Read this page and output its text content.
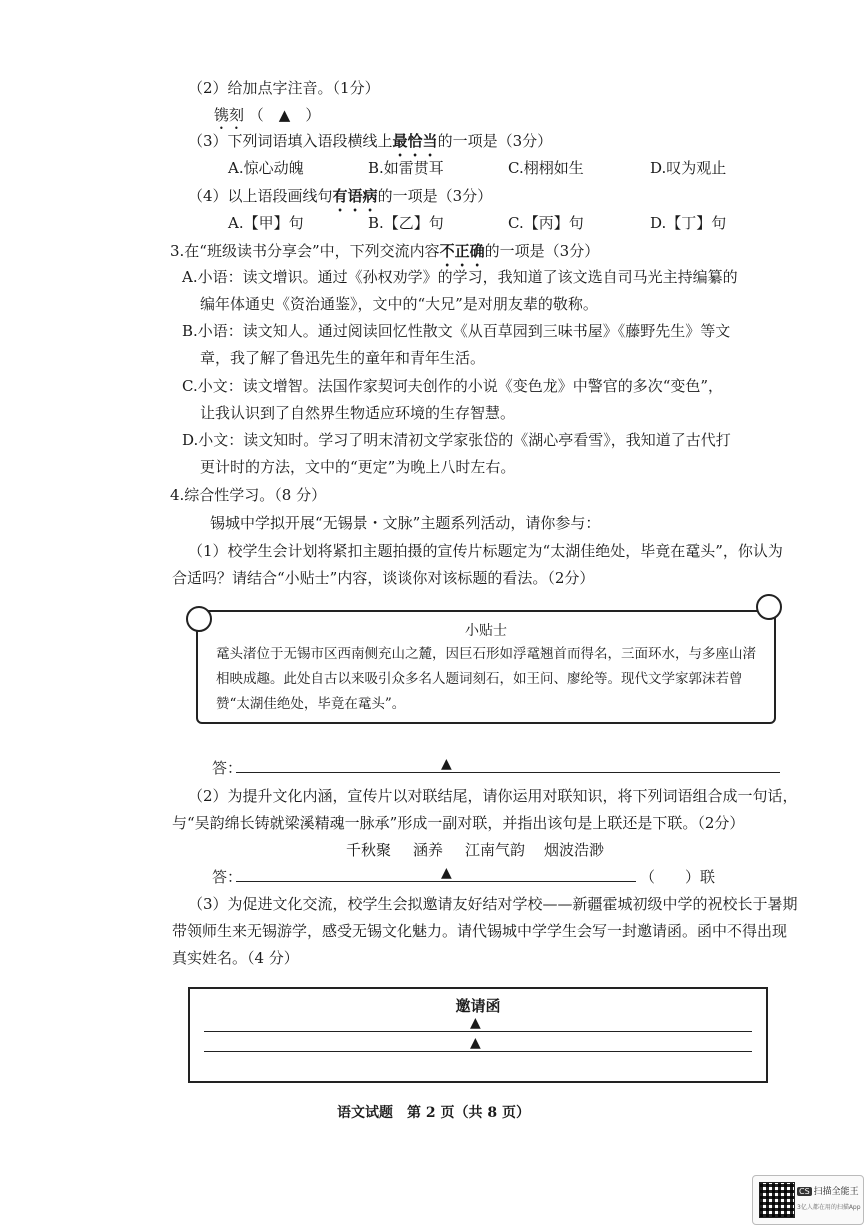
（2）给加点字注音。（1分）
镌刻 （　▲　）
（3）下列词语填入语段横线上最恰当的一项是（3分）
A.惊心动魄	B.如雷贯耳	C.栩栩如生	D.叹为观止
（4）以上语段画线句有语病的一项是（3分）
A.【甲】句	B.【乙】句	C.【丙】句	D.【丁】句
3.在“班级读书分享会”中，下列交流内容不正确的一项是（3分）
A.小语：读文增识。通过《孙权劝学》的学习，我知道了该文选自司马光主持编纂的
编年体通史《资治通鉴》，文中的“大兄”是对朋友辈的敬称。
B.小语：读文知人。通过阅读回忆性散文《从百草园到三味书屋》《藤野先生》等文
章，我了解了鲁迅先生的童年和青年生活。
C.小文：读文增智。法国作家契诃夫创作的小说《变色龙》中警官的多次“变色”，
让我认识到了自然界生物适应环境的生存智慧。
D.小文：读文知时。学习了明末清初文学家张岱的《湖心亭看雪》，我知道了古代打
更计时的方法，文中的“更定”为晚上八时左右。
4.综合性学习。（8 分）
锡城中学拟开展“无锡景・文脉”主题系列活动，请你参与：
（1）校学生会计划将紧扣主题拍摄的宣传片标题定为“太湖佳绝处，毕竟在鼋头”，你认为
合适吗？请结合“小贴士”内容，谈谈你对该标题的看法。（2分）
小贴士
鼋头渚位于无锡市区西南侧充山之麓，因巨石形如浮鼋翘首而得名，三面环水，与多座山渚相映成趣。此处自古以来吸引众多名人题词刻石，如王问、廖纶等。现代文学家郭沫若曾赞“太湖佳绝处，毕竟在鼋头”。
答：	▲
（2）为提升文化内涵，宣传片以对联结尾，请你运用对联知识，将下列词语组合成一句话，
与“吴韵绵长铸就梁溪精魂一脉承”形成一副对联，并指出该句是上联还是下联。（2分）
千秋聚 涵养 江南气韵 烟波浩渺
答：	▲	（　　）联
（3）为促进文化交流，校学生会拟邀请友好结对学校——新疆霍城初级中学的祝校长于暑期
带领师生来无锡游学，感受无锡文化魅力。请代锡城中学学生会写一封邀请函。函中不得出现
真实姓名。（4 分）
邀请函
▲
▲
语文试题　第 2 页（共 8 页）
CS 扫描全能王
3亿人都在用的扫描App
